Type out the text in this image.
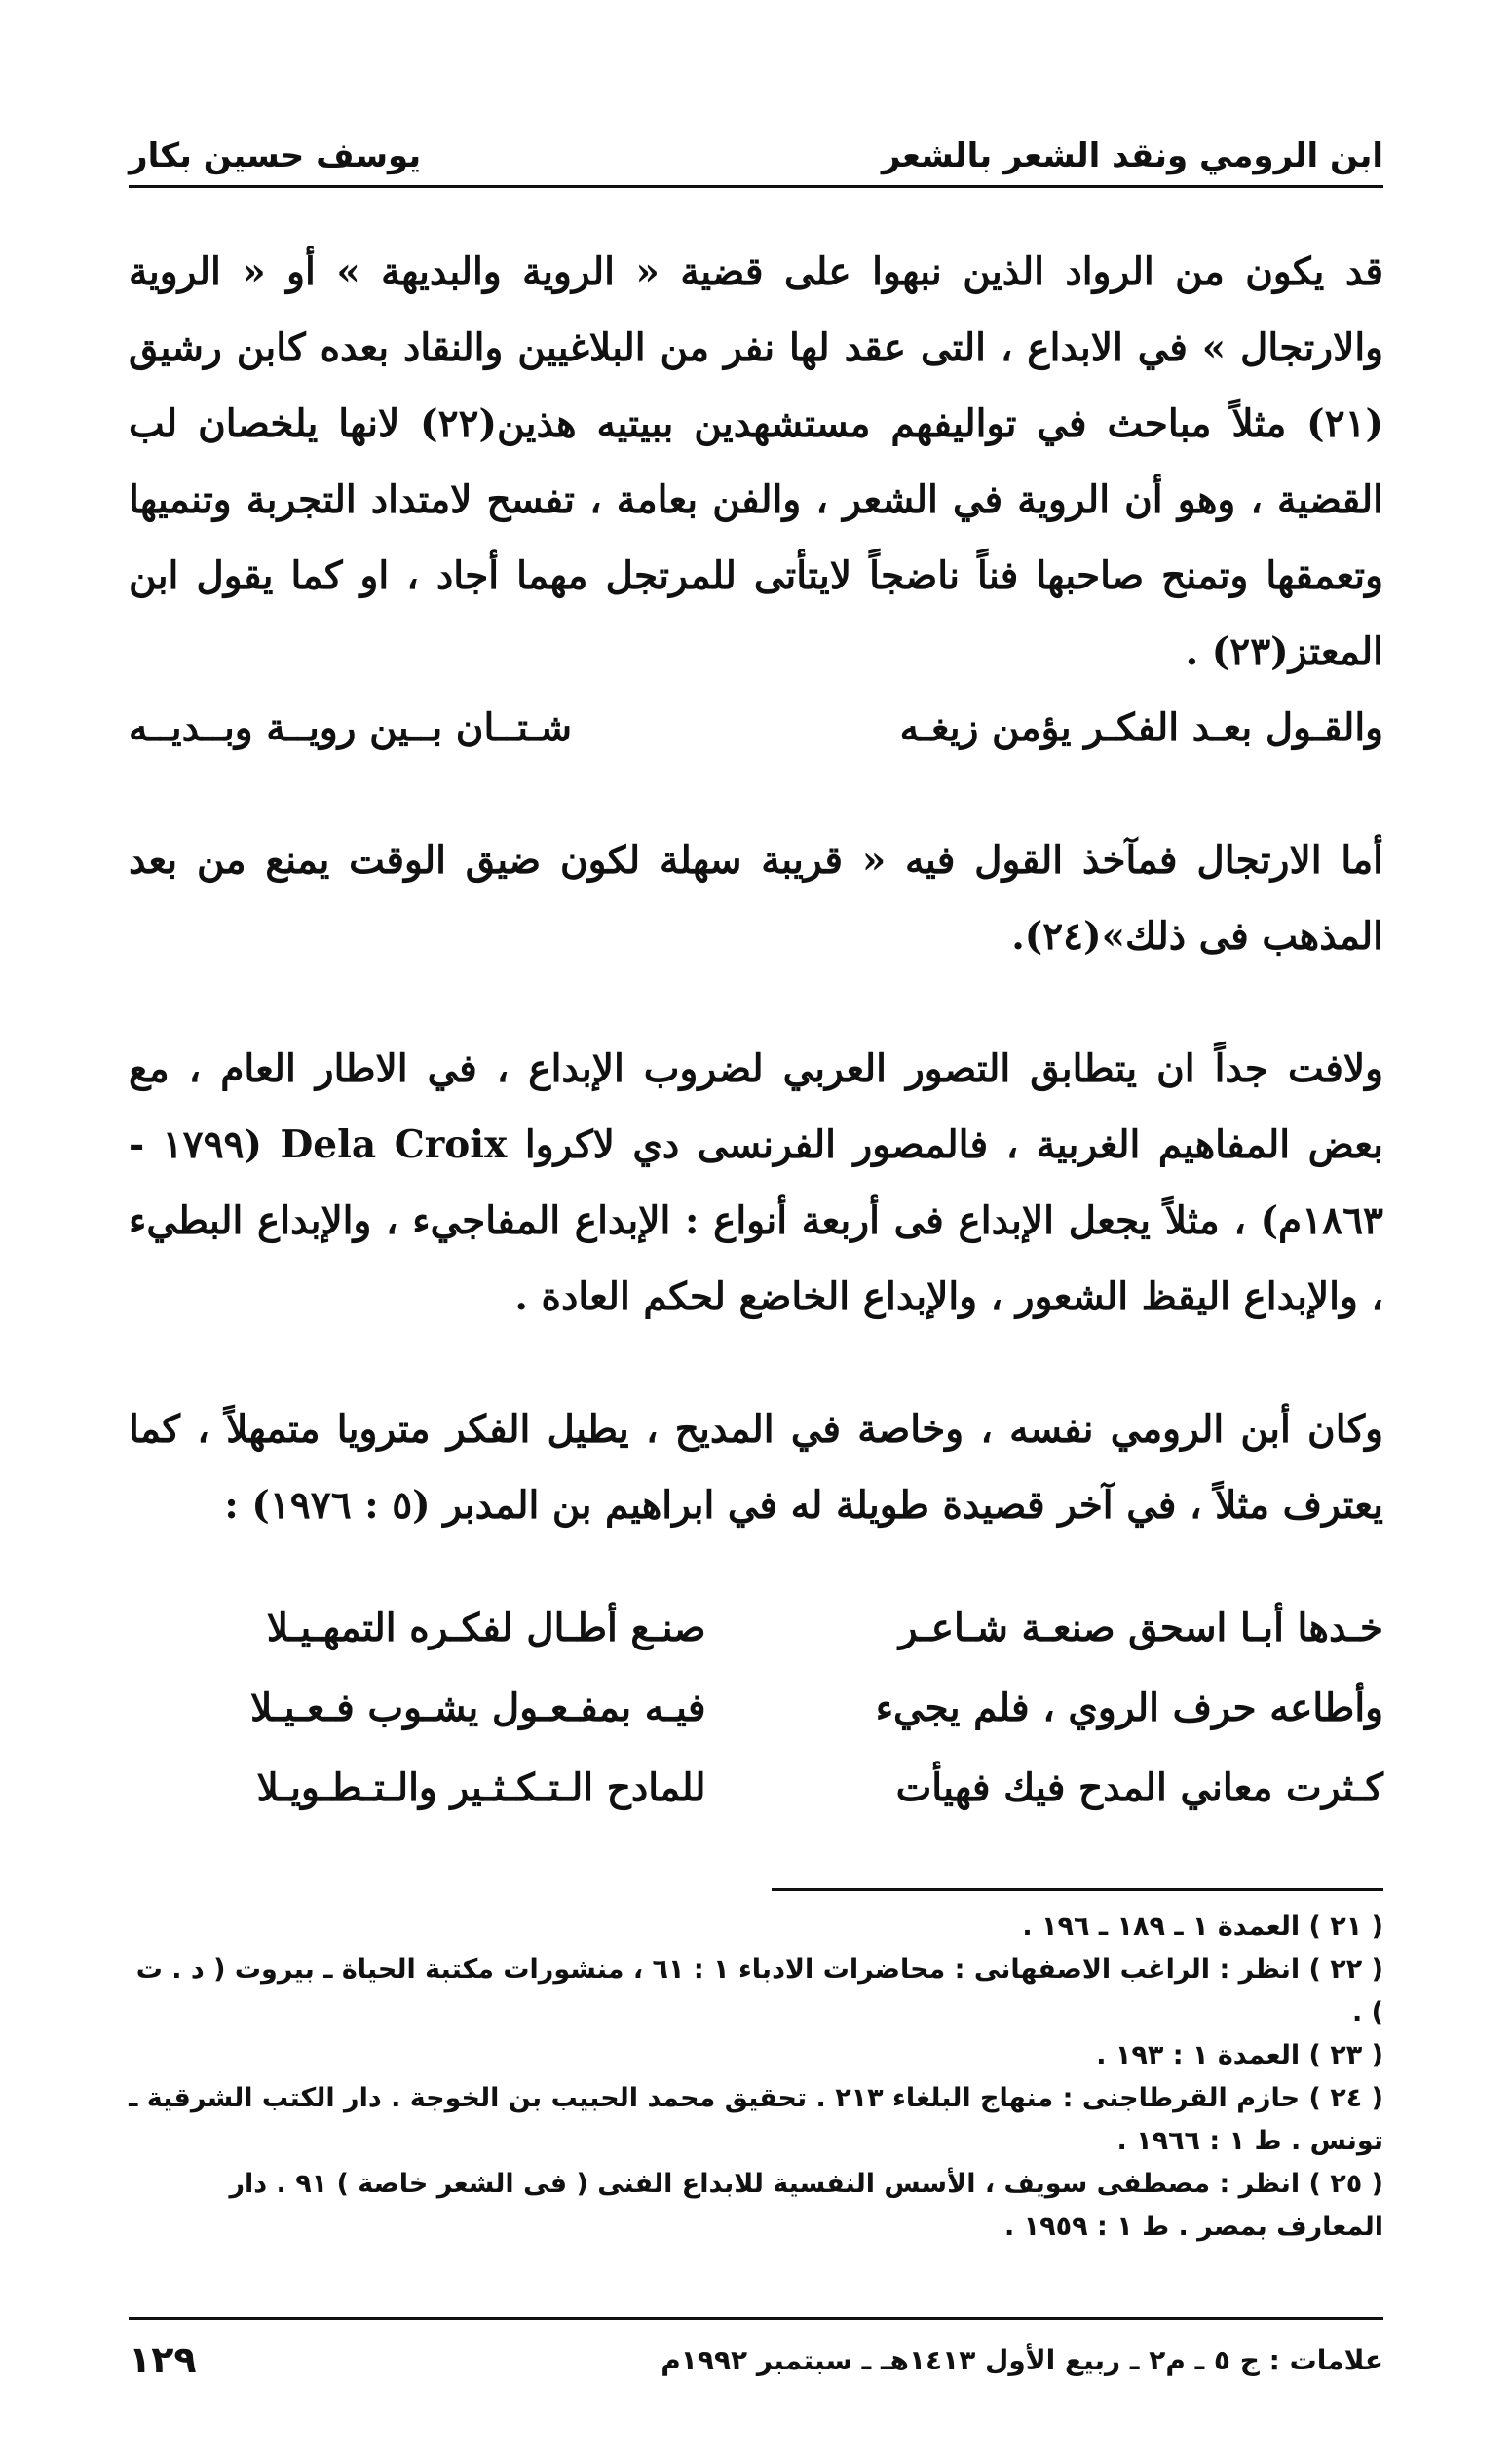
ابن الرومي ونقد الشعر بالشعر
يوسف حسين بكار

قد يكون من الرواد الذين نبهوا على قضية « الروية والبديهة » أو « الروية والارتجال » في الابداع ، التى عقد لها نفر من البلاغيين والنقاد بعده كابن رشيق (٢١) مثلاً مباحث في تواليفهم مستشهدين ببيتيه هذين(٢٢) لانها يلخصان لب القضية ، وهو أن الروية في الشعر ، والفن بعامة ، تفسح لامتداد التجربة وتنميها وتعمقها وتمنح صاحبها فناً ناضجاً لايتأتى للمرتجل مهما أجاد ، او كما يقول ابن المعتز(٢٣) .

والقـول بعـد الفكـر يؤمن زيغـه
شـتــان بــين رويــة وبــديــه

أما الارتجال فمآخذ القول فيه « قريبة سهلة لكون ضيق الوقت يمنع من بعد المذهب فى ذلك»(٢٤).

ولافت جداً ان يتطابق التصور العربي لضروب الإبداع ، في الاطار العام ، مع بعض المفاهيم الغربية ، فالمصور الفرنسى دي لاكروا Dela Croix (١٧٩٩ - ١٨٦٣م) ، مثلاً يجعل الإبداع فى أربعة أنواع : الإبداع المفاجيء ، والإبداع البطيء ، والإبداع اليقظ الشعور ، والإبداع الخاضع لحكم العادة .

وكان أبن الرومي نفسه ، وخاصة في المديح ، يطيل الفكر مترويا متمهلاً ، كما يعترف مثلاً ، في آخر قصيدة طويلة له في ابراهيم بن المدبر (٥ : ١٩٧٦) :

خـدها أبـا اسحق صنعـة شـاعـر
صنـع أطـال لفكـره التمهـيـلا
وأطاعه حرف الروي ، فلم يجيء
فيـه بمفـعـول يشـوب فـعـيـلا
كـثرت معاني المدح فيك فهيأت
للمادح الـتـكـثـير والـتـطـويـلا
( ٢١ ) العمدة ١ ـ ١٨٩ ـ ١٩٦ .
( ٢٢ ) انظر : الراغب الاصفهانى : محاضرات الادباء ١ : ٦١ ، منشورات مكتبة الحياة ـ بيروت ( د . ت ) .
( ٢٣ ) العمدة ١ : ١٩٣ .
( ٢٤ ) حازم القرطاجنى : منهاج البلغاء ٢١٣ . تحقيق محمد الحبيب بن الخوجة . دار الكتب الشرقية ـ تونس . ط ١ : ١٩٦٦ .
( ٢٥ ) انظر : مصطفى سويف ، الأسس النفسية للابداع الفنى ( فى الشعر خاصة ) ٩١ . دار المعارف بمصر . ط ١ : ١٩٥٩ .
علامات : ج ٥ ـ م٢ ـ ربيع الأول ١٤١٣هـ ـ سبتمبر ١٩٩٢م
١٢٩
